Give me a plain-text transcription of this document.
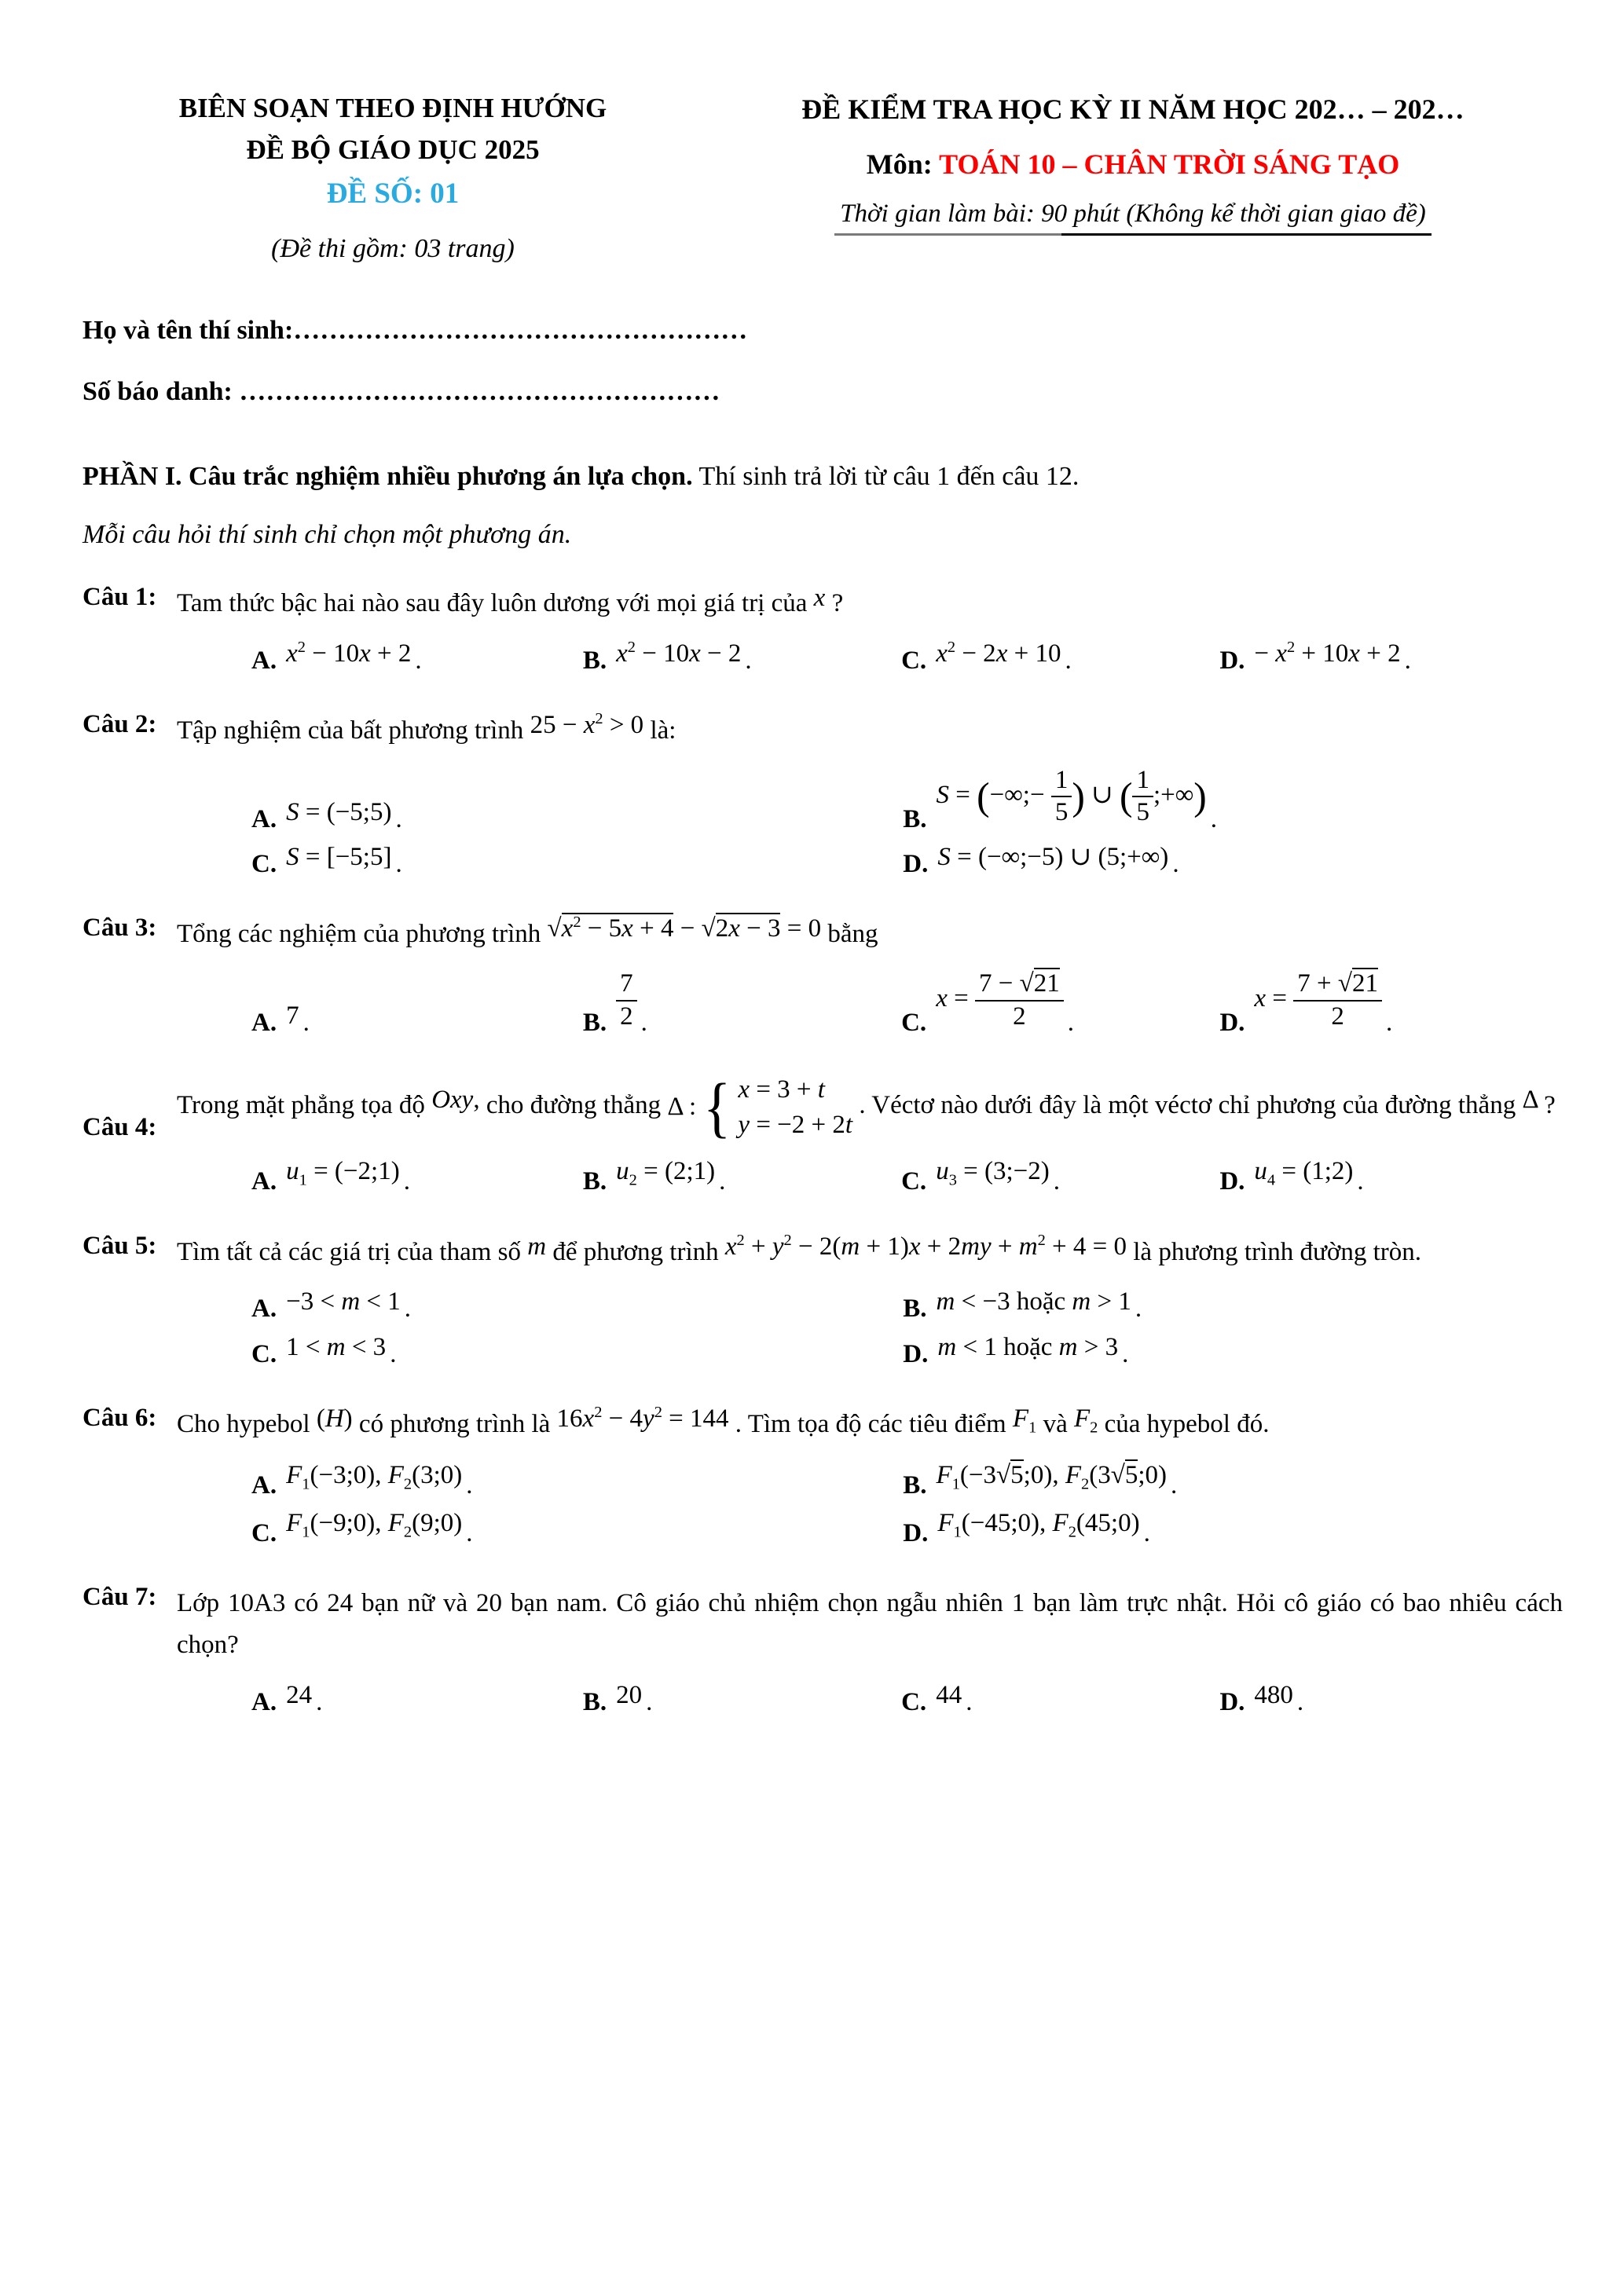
BIÊN SOẠN THEO ĐỊNH HƯỚNG
ĐỀ BỘ GIÁO DỤC 2025
ĐỀ SỐ: 01
(Đề thi gồm: 03 trang)
ĐỀ KIỂM TRA HỌC KỲ II NĂM HỌC 202… – 202…
Môn: TOÁN 10 – CHÂN TRỜI SÁNG TẠO
Thời gian làm bài: 90 phút (Không kể thời gian giao đề)
Họ và tên thí sinh:……………………………………………
Số báo danh: ………………………………………………
PHẦN I. Câu trắc nghiệm nhiều phương án lựa chọn. Thí sinh trả lời từ câu 1 đến câu 12.
Mỗi câu hỏi thí sinh chỉ chọn một phương án.
Câu 1: Tam thức bậc hai nào sau đây luôn dương với mọi giá trị của x ?
A. $x^2 - 10x + 2$ .	B. $x^2 - 10x - 2$ .	C. $x^2 - 2x + 10$ .	D. − $x^2 + 10x + 2$ .
Câu 2: Tập nghiệm của bất phương trình $25 - x^2 > 0$ là:
A. S = (−5;5) .	B.
S = (−∞;− $\frac{1}{5}$ ) ∪ ( $\frac{1}{5}$ ;+∞)
.
C. S = [−5;5] .	D. S = (−∞;−5) ∪ (5;+∞) .
Câu 3: Tổng các nghiệm của phương trình $√x^2 - 5x + 4 - √2x - 3 = 0$ bằng
A. 7 .	B. $\frac{7}{2}$ .	C.
$x = \frac{7 - √21}{2}$ .	D.
$x = \frac{7 + √21}{2}$ .
Câu 4:
Trong mặt phẳng tọa độ Oxy, cho đường thẳng Δ : { x = 3 + t
y = −2 + 2t
. Véctơ nào dưới đây là một véctơ chỉ phương của đường thẳng Δ ?
A. $u_1$ = (−2;1) .	B. $u_2$ = (2;1) .	C. $u_3$ = (3;−2) .	D. $u_4$ = (1;2) .
Câu 5: Tìm tất cả các giá trị của tham số m để phương trình $x^2 + y^2 - 2(m + 1)x + 2my + m^2 + 4 = 0$ là phương trình đường tròn.
A. −3 < m < 1 .	B. m < −3 hoặc m > 1 .
C. 1 < m < 3 .	D. m < 1 hoặc m > 3 .
Câu 6: Cho hypebol (H) có phương trình là $16x^2 - 4y^2 = 144$ . Tìm tọa độ các tiêu điểm $F_1$ và $F_2$ của hypebol đó.
A. $F_1(-3;0)$, $F_2(3;0)$ .	B. $F_1(-3√5;0)$, $F_2(3√5;0)$ .
C. $F_1(-9;0)$, $F_2(9;0)$ .	D. $F_1(-45;0)$, $F_2(45;0)$ .
Câu 7: Lớp 10A3 có 24 bạn nữ và 20 bạn nam. Cô giáo chủ nhiệm chọn ngẫu nhiên 1 bạn làm trực nhật. Hỏi cô giáo có bao nhiêu cách chọn?
A. 24 .	B. 20 .	C. 44 .	D. 480 .
